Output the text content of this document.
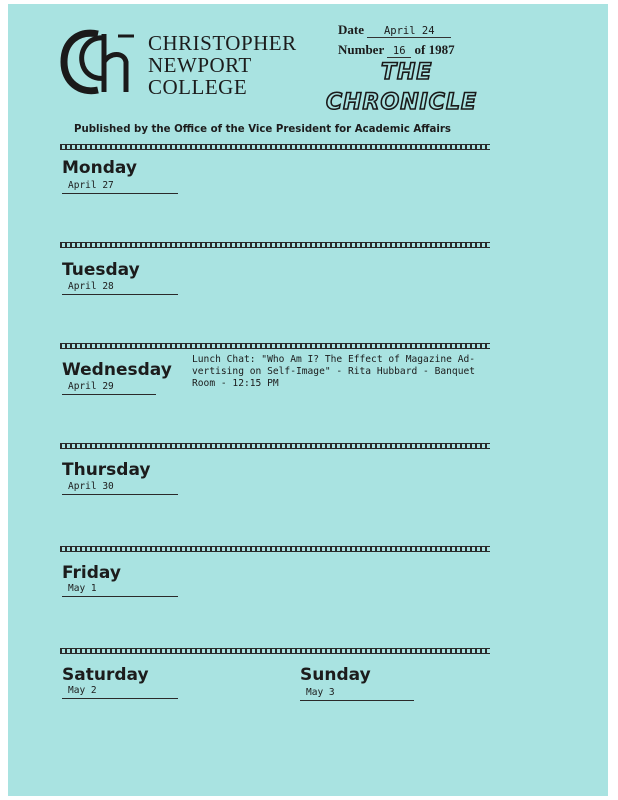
CHRISTOPHER
NEWPORT
COLLEGE
Date April 24
Number 16 of 1987
THE
CHRONICLE
Published by the Office of the Vice President for Academic Affairs
Monday
April 27
Tuesday
April 28
Wednesday
April 29
Lunch Chat: "Who Am I? The Effect of Magazine Ad-
vertising on Self-Image" - Rita Hubbard - Banquet
Room - 12:15 PM
Thursday
April 30
Friday
May 1
Saturday
May 2
Sunday
May 3
